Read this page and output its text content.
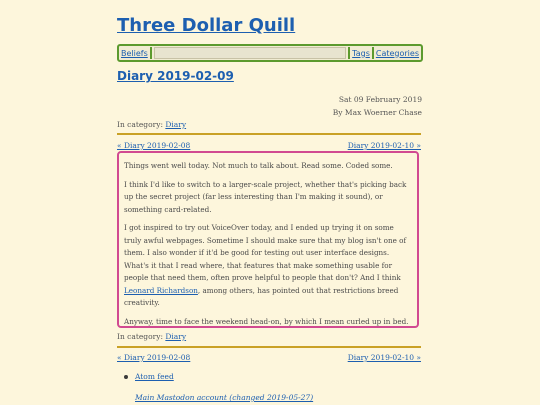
Three Dollar Quill
Beliefs	Tags Categories
Diary 2019-02-09
Sat 09 February 2019
By Max Woerner Chase
In category: Diary
« Diary 2019-02-08	Diary 2019-02-10 »

Things went well today. Not much to talk about. Read some. Coded some.

I think I'd like to switch to a larger-scale project, whether that's picking back up the secret project (far less interesting than I'm making it sound), or something card-related.

I got inspired to try out VoiceOver today, and I ended up trying it on some truly awful webpages. Sometime I should make sure that my blog isn't one of them. I also wonder if it'd be good for testing out user interface designs. What's it that I read where, that features that make something usable for people that need them, often prove helpful to people that don't? And I think Leonard Richardson, among others, has pointed out that restrictions breed creativity.

Anyway, time to face the weekend head-on, by which I mean curled up in bed.

In category: Diary
« Diary 2019-02-08	Diary 2019-02-10 »
Atom feed
Main Mastodon account (changed 2019-05-27)
